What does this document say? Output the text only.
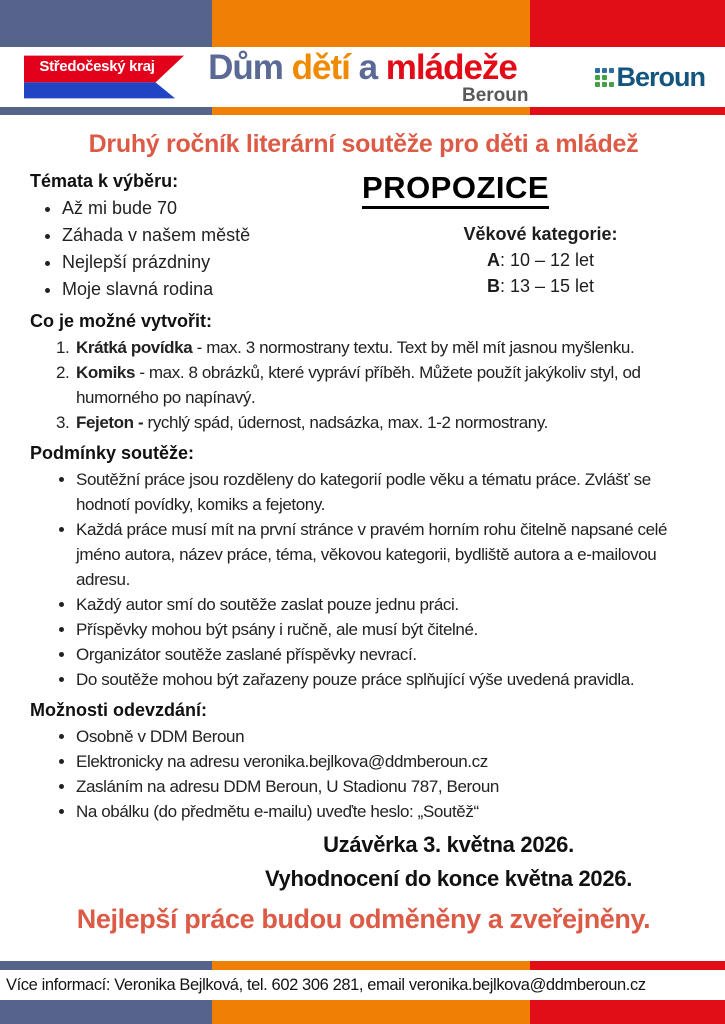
Středočeský kraj	Dům dětí a mládeže
Beroun
Beroun
Druhý ročník literární soutěže pro děti a mládež
Témata k výběru:
• Až mi bude 70
• Záhada v našem městě
• Nejlepší prázdniny
• Moje slavná rodina
PROPOZICE
Věkové kategorie:
A: 10 – 12 let
B: 13 – 15 let
Co je možné vytvořit:
1. Krátká povídka - max. 3 normostrany textu. Text by měl mít jasnou myšlenku.
2. Komiks - max. 8 obrázků, které vypráví příběh. Můžete použít jakýkoliv styl, od humorného po napínavý.
3. Fejeton - rychlý spád, údernost, nadsázka, max. 1-2 normostrany.
Podmínky soutěže:
• Soutěžní práce jsou rozděleny do kategorií podle věku a tématu práce. Zvlášť se hodnotí povídky, komiks a fejetony.
• Každá práce musí mít na první stránce v pravém horním rohu čitelně napsané celé jméno autora, název práce, téma, věkovou kategorii, bydliště autora a e-mailovou adresu.
• Každý autor smí do soutěže zaslat pouze jednu práci.
• Příspěvky mohou být psány i ručně, ale musí být čitelné.
• Organizátor soutěže zaslané příspěvky nevrací.
• Do soutěže mohou být zařazeny pouze práce splňující výše uvedená pravidla.
Možnosti odevzdání:
• Osobně v DDM Beroun
• Elektronicky na adresu veronika.bejlkova@ddmberoun.cz
• Zasláním na adresu DDM Beroun, U Stadionu 787, Beroun
• Na obálku (do předmětu e-mailu) uveďte heslo: „Soutěž“

Uzávěrka 3. května 2026.

Vyhodnocení do konce května 2026.

Nejlepší práce budou odměněny a zveřejněny.

Více informací: Veronika Bejlková, tel. 602 306 281, email veronika.bejlkova@ddmberoun.cz
